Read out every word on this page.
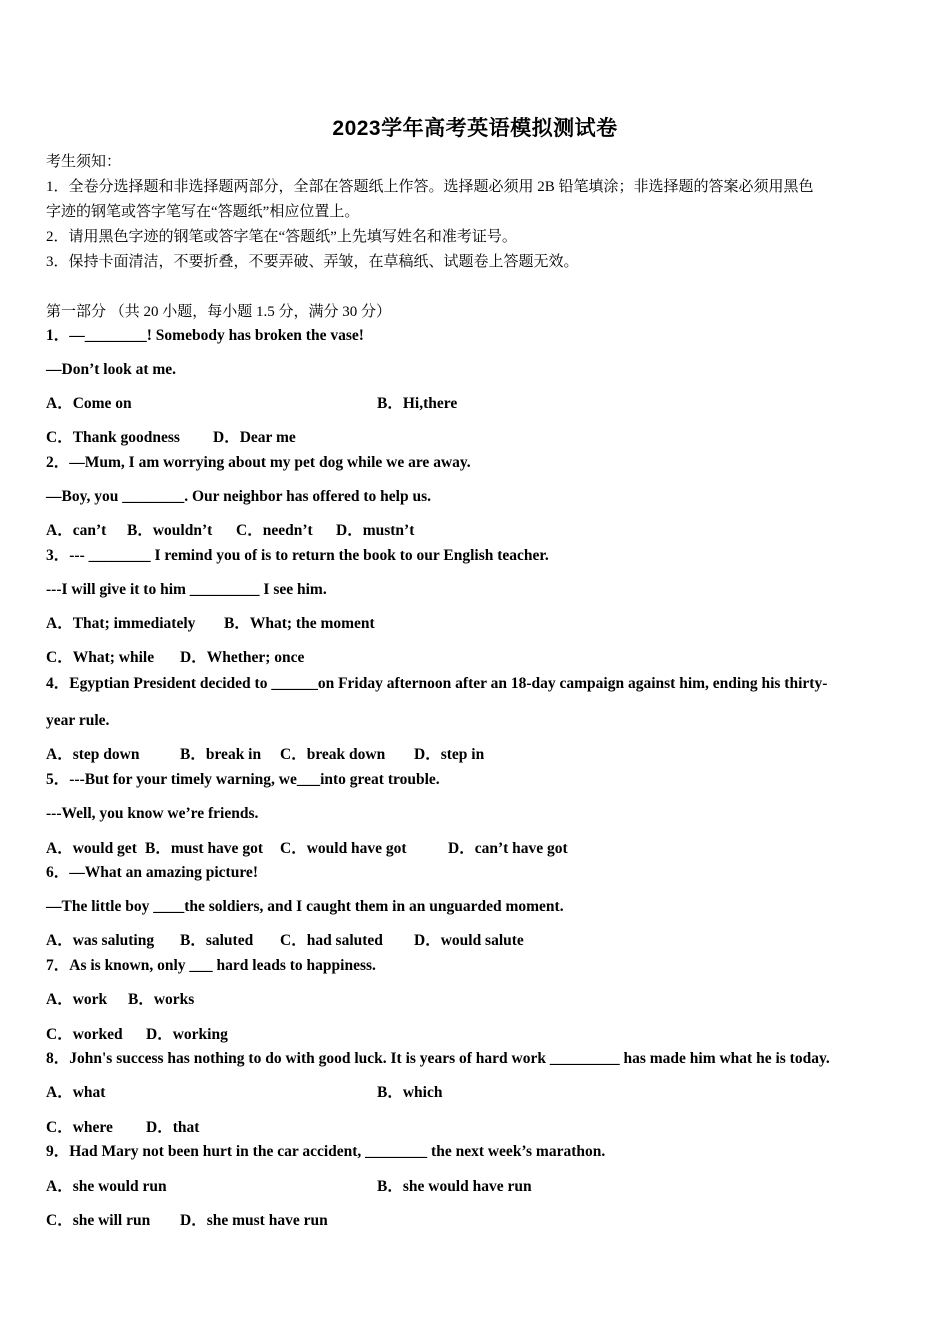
2023学年高考英语模拟测试卷
考生须知：
1．全卷分选择题和非选择题两部分，全部在答题纸上作答。选择题必须用 2B 铅笔填涂；非选择题的答案必须用黑色
字迹的钢笔或答字笔写在“答题纸”相应位置上。
2．请用黑色字迹的钢笔或答字笔在“答题纸”上先填写姓名和准考证号。
3．保持卡面清洁，不要折叠，不要弄破、弄皱，在草稿纸、试题卷上答题无效。
第一部分 （共 20 小题，每小题 1.5 分，满分 30 分）
1．—________! Somebody has broken the vase!
—Don’t look at me.
A．Come on	B．Hi,there
C．Thank goodness D．Dear me
2．—Mum, I am worrying about my pet dog while we are away.
—Boy, you ________. Our neighbor has offered to help us.
A．can’t B．wouldn’t C．needn’t D．mustn’t
3．--- ________ I remind you of is to return the book to our English teacher.
---I will give it to him _________ I see him.
A．That; immediately B．What; the moment
C．What; while D．Whether; once
4．Egyptian President decided to ______on Friday afternoon after an 18-day campaign against him, ending his thirty-
year rule.
A．step down	B．break in C．break down D．step in
5．---But for your timely warning, we___into great trouble.
---Well, you know we’re friends.
A．would get B．must have got C．would have got	D．can’t have got
6．—What an amazing picture!
—The little boy ____the soldiers, and I caught them in an unguarded moment.
A．was saluting B．saluted C．had saluted D．would salute
7．As is known, only ___ hard leads to happiness.
A．work B．works
C．worked D．working
8．John's success has nothing to do with good luck. It is years of hard work _________ has made him what he is today.
A．what	B．which
C．where D．that
9．Had Mary not been hurt in the car accident, ________ the next week’s marathon.
A．she would run	B．she would have run
C．she will run D．she must have run
